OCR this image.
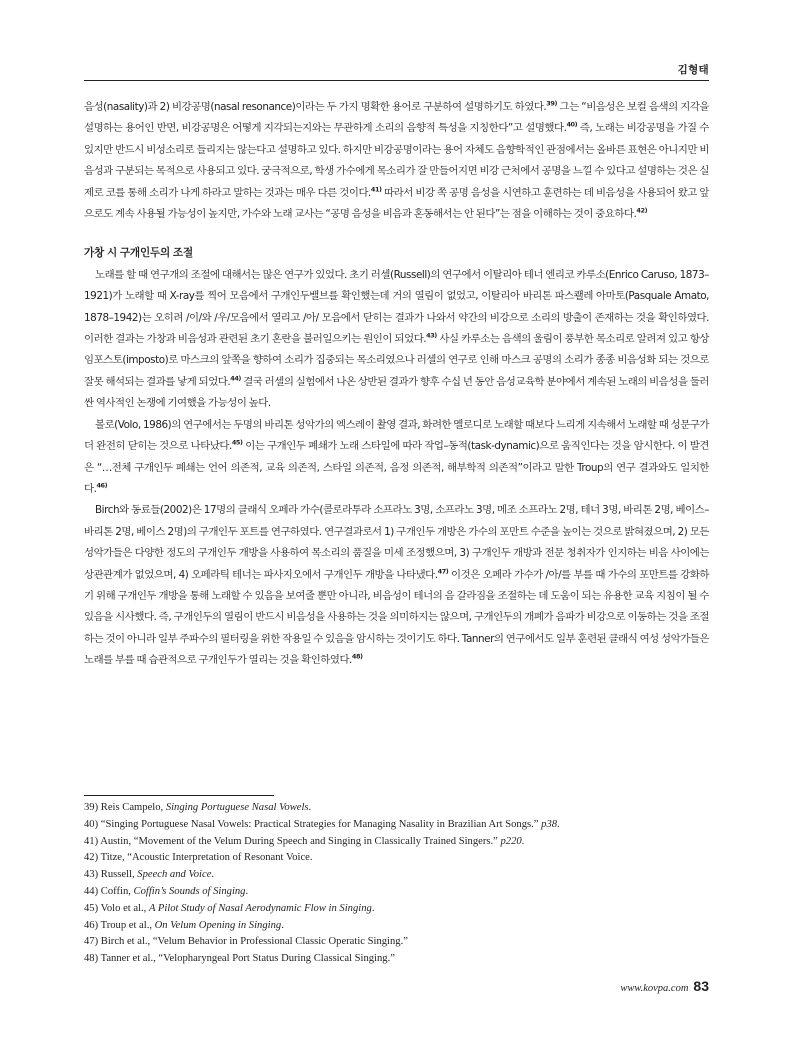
김형태

음성(nasality)과 2) 비강공명(nasal resonance)이라는 두 가지 명확한 용어로 구분하여 설명하기도 하였다.$^{39)}$ 그는 “비음성은 보컬 음색의 지각을 설명하는 용어인 반면, 비강공명은 어떻게 지각되는지와는 무관하게 소리의 음향적 특성을 지칭한다”고 설명했다.$^{40)}$ 즉, 노래는 비강공명을 가질 수 있지만 반드시 비성소리로 들리지는 않는다고 설명하고 있다. 하지만 비강공명이라는 용어 자체도 음향학적인 관점에서는 올바른 표현은 아니지만 비음성과 구분되는 목적으로 사용되고 있다. 궁극적으로, 학생 가수에게 목소리가 잘 만들어지면 비강 근처에서 공명을 느낄 수 있다고 설명하는 것은 실제로 코를 통해 소리가 나게 하라고 말하는 것과는 매우 다른 것이다.$^{41)}$ 따라서 비강 쪽 공명 음성을 시연하고 훈련하는 데 비음성을 사용되어 왔고 앞으로도 계속 사용될 가능성이 높지만, 가수와 노래 교사는 “공명 음성을 비음과 혼동해서는 안 된다”는 점을 이해하는 것이 중요하다.$^{42)}$

가창 시 구개인두의 조절

노래를 할 때 연구개의 조절에 대해서는 많은 연구가 있었다. 초기 러셀(Russell)의 연구에서 이탈리아 테너 엔리코 카루소(Enrico Caruso, 1873–1921)가 노래할 때 X-ray를 찍어 모음에서 구개인두밸브를 확인했는데 거의 열림이 없었고, 이탈리아 바리톤 파스쾔레 아마토(Pasquale Amato, 1878–1942)는 오히려 /이/와 /우/모음에서 열리고 /아/ 모음에서 닫히는 결과가 나와서 약간의 비강으로 소리의 방출이 존재하는 것을 확인하였다. 이러한 결과는 가창과 비음성과 관련된 초기 혼란을 불러일으키는 원인이 되었다.$^{43)}$ 사실 카루소는 음색의 울림이 풍부한 목소리로 알려져 있고 항상 임포스토(imposto)로 마스크의 앞쪽을 향하여 소리가 집중되는 목소리였으나 러셀의 연구로 인해 마스크 공명의 소리가 종종 비음성화 되는 것으로 잘못 해석되는 결과를 낳게 되었다.$^{44)}$ 결국 러셀의 실험에서 나온 상반된 결과가 향후 수십 년 동안 음성교육학 분야에서 계속된 노래의 비음성을 둘러싼 역사적인 논쟁에 기여했을 가능성이 높다.

볼로(Volo, 1986)의 연구에서는 두명의 바리톤 성악가의 엑스레이 촬영 결과, 화려한 멜로디로 노래할 때보다 느리게 지속해서 노래할 때 성문구가 더 완전히 닫히는 것으로 나타났다.$^{45)}$ 이는 구개인두 폐쇄가 노래 스타일에 따라 작업–동적(task-dynamic)으로 움직인다는 것을 암시한다. 이 발견은 “…전체 구개인두 폐쇄는 언어 의존적, 교육 의존적, 스타일 의존적, 음정 의존적, 해부학적 의존적”이라고 말한 Troup의 연구 결과와도 일치한다.$^{46)}$

Birch와 동료들(2002)은 17명의 클래식 오페라 가수(콜로라투라 소프라노 3명, 소프라노 3명, 메조 소프라노 2명, 테너 3명, 바리톤 2명, 베이스–바리톤 2명, 베이스 2명)의 구개인두 포트를 연구하였다. 연구결과로서 1) 구개인두 개방은 가수의 포만트 수준을 높이는 것으로 밝혀졌으며, 2) 모든 성악가들은 다양한 정도의 구개인두 개방을 사용하여 목소리의 품질을 미세 조정했으며, 3) 구개인두 개방과 전문 청취자가 인지하는 비음 사이에는 상관관계가 없었으며, 4) 오페라틱 테너는 파사지오에서 구개인두 개방을 나타냈다.$^{47)}$ 이것은 오페라 가수가 /아/를 부를 때 가수의 포만트를 강화하기 위해 구개인두 개방을 통해 노래할 수 있음을 보여줄 뿐만 아니라, 비음성이 테너의 음 갈라짐을 조절하는 데 도움이 되는 유용한 교육 지침이 될 수 있음을 시사했다. 즉, 구개인두의 열림이 반드시 비음성을 사용하는 것을 의미하지는 않으며, 구개인두의 개폐가 음파가 비강으로 이동하는 것을 조절하는 것이 아니라 일부 주파수의 필터링을 위한 작용일 수 있음을 암시하는 것이기도 하다. Tanner의 연구에서도 일부 훈련된 클래식 여성 성악가들은 노래를 부를 때 습관적으로 구개인두가 열리는 것을 확인하였다.$^{48)}$

39) Reis Campelo, Singing Portuguese Nasal Vowels.
40) “Singing Portuguese Nasal Vowels: Practical Strategies for Managing Nasality in Brazilian Art Songs.” p38.
41) Austin, “Movement of the Velum During Speech and Singing in Classically Trained Singers.” p220.
42) Titze, “Acoustic Interpretation of Resonant Voice.
43) Russell, Speech and Voice.
44) Coffin, Coffin’s Sounds of Singing.
45) Volo et al., A Pilot Study of Nasal Aerodynamic Flow in Singing.
46) Troup et al., On Velum Opening in Singing.
47) Birch et al., “Velum Behavior in Professional Classic Operatic Singing.”
48) Tanner et al., “Velopharyngeal Port Status During Classical Singing.”
www.kovpa.com 83
